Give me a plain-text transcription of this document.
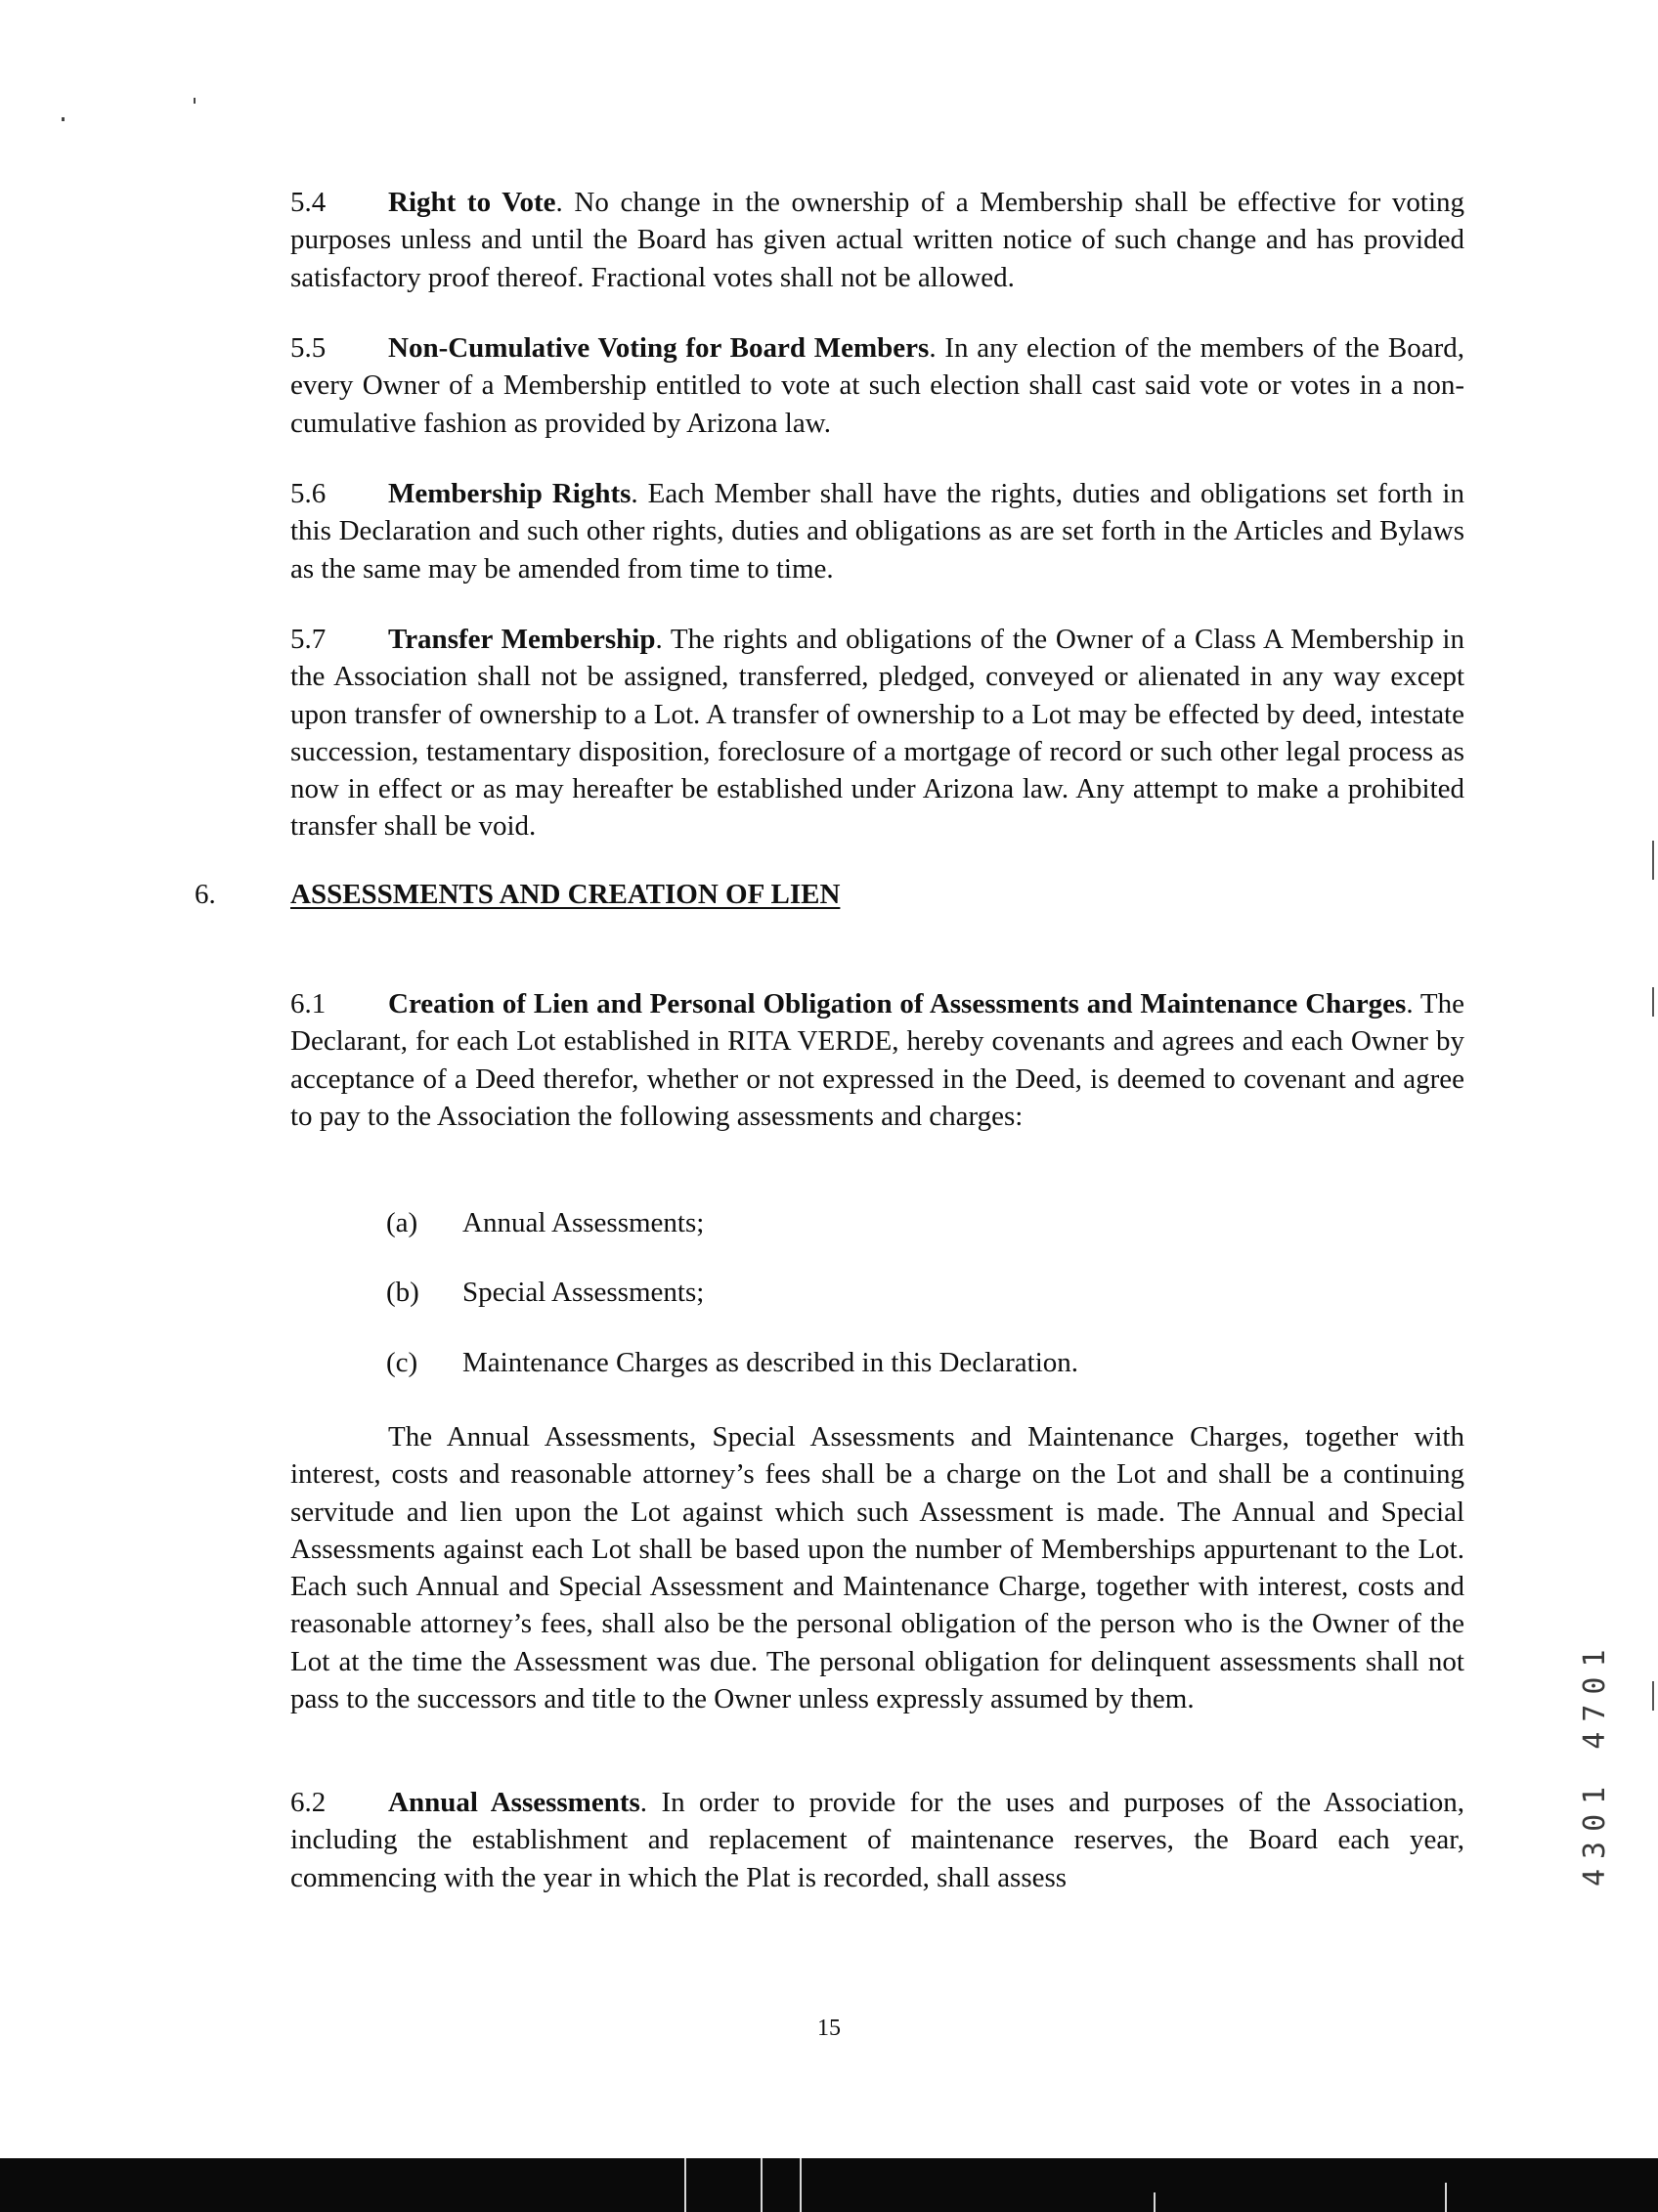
5.4 Right to Vote. No change in the ownership of a Membership shall be effective for voting purposes unless and until the Board has given actual written notice of such change and has provided satisfactory proof thereof. Fractional votes shall not be allowed.

5.5 Non-Cumulative Voting for Board Members. In any election of the members of the Board, every Owner of a Membership entitled to vote at such election shall cast said vote or votes in a non-cumulative fashion as provided by Arizona law.

5.6 Membership Rights. Each Member shall have the rights, duties and obligations set forth in this Declaration and such other rights, duties and obligations as are set forth in the Articles and Bylaws as the same may be amended from time to time.

5.7 Transfer Membership. The rights and obligations of the Owner of a Class A Membership in the Association shall not be assigned, transferred, pledged, conveyed or alienated in any way except upon transfer of ownership to a Lot. A transfer of ownership to a Lot may be effected by deed, intestate succession, testamentary disposition, foreclosure of a mortgage of record or such other legal process as now in effect or as may hereafter be established under Arizona law. Any attempt to make a prohibited transfer shall be void.

6.	ASSESSMENTS AND CREATION OF LIEN

6.1 Creation of Lien and Personal Obligation of Assessments and Maintenance Charges. The Declarant, for each Lot established in RITA VERDE, hereby covenants and agrees and each Owner by acceptance of a Deed therefor, whether or not expressed in the Deed, is deemed to covenant and agree to pay to the Association the following assessments and charges:

(a) Annual Assessments;
(b) Special Assessments;
(c) Maintenance Charges as described in this Declaration.

The Annual Assessments, Special Assessments and Maintenance Charges, together with interest, costs and reasonable attorney’s fees shall be a charge on the Lot and shall be a continuing servitude and lien upon the Lot against which such Assessment is made. The Annual and Special Assessments against each Lot shall be based upon the number of Memberships appurtenant to the Lot. Each such Annual and Special Assessment and Maintenance Charge, together with interest, costs and reasonable attorney’s fees, shall also be the personal obligation of the person who is the Owner of the Lot at the time the Assessment was due. The personal obligation for delinquent assessments shall not pass to the successors and title to the Owner unless expressly assumed by them.

6.2 Annual Assessments. In order to provide for the uses and purposes of the Association, including the establishment and replacement of maintenance reserves, the Board each year, commencing with the year in which the Plat is recorded, shall assess

15
4301 4701
